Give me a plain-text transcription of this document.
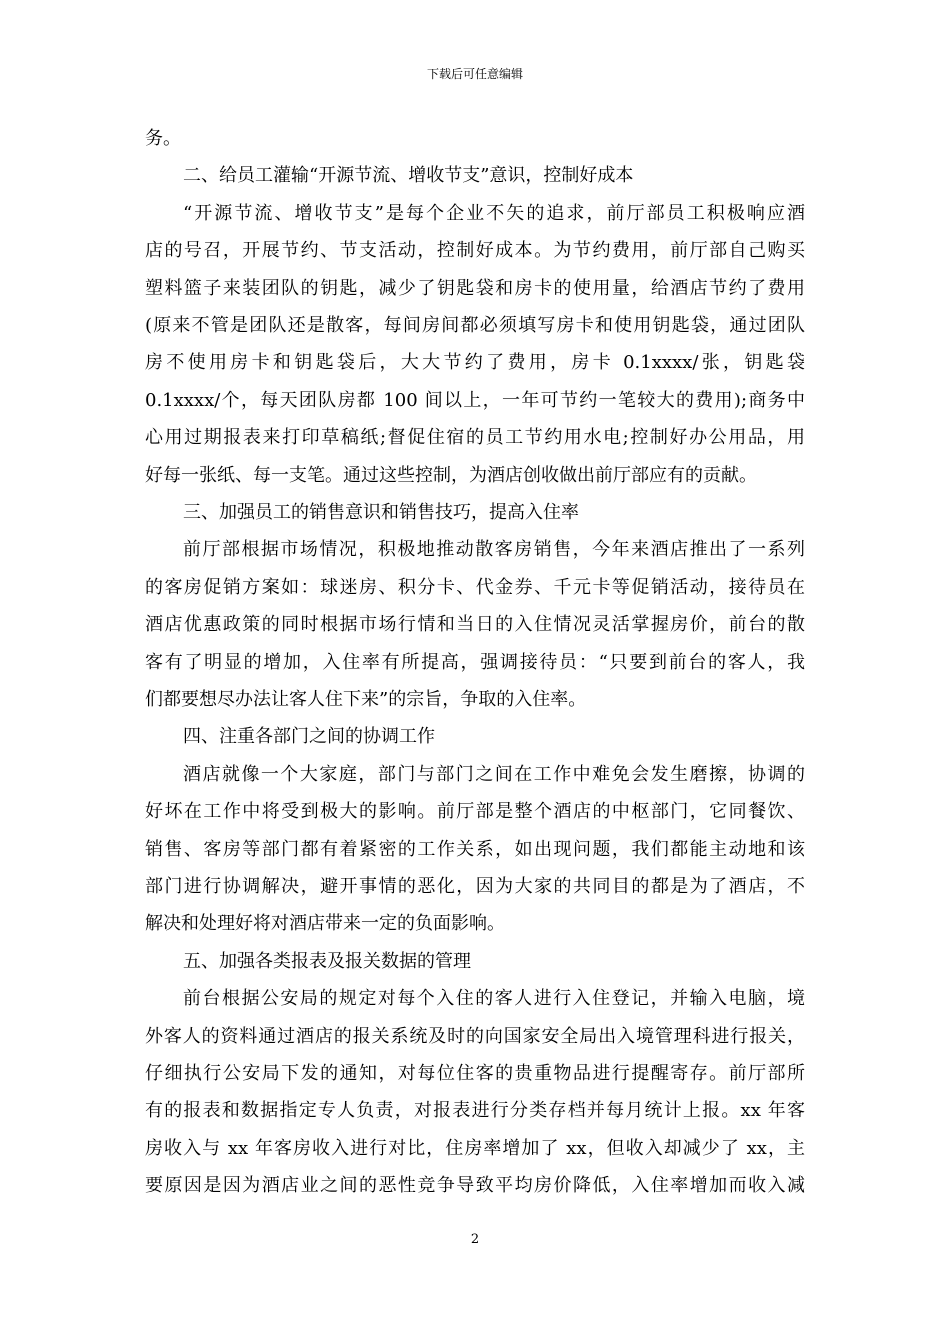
下载后可任意编辑
务。
二、给员工灌输“开源节流、增收节支”意识，控制好成本
“开源节流、增收节支”是每个企业不矢的追求，前厅部员工积极响应酒
店的号召，开展节约、节支活动，控制好成本。为节约费用，前厅部自己购买
塑料篮子来装团队的钥匙，减少了钥匙袋和房卡的使用量，给酒店节约了费用
(原来不管是团队还是散客，每间房间都必须填写房卡和使用钥匙袋，通过团队
房不使用房卡和钥匙袋后，大大节约了费用，房卡 0.1xxxx/张，钥匙袋
0.1xxxx/个，每天团队房都 100 间以上，一年可节约一笔较大的费用);商务中
心用过期报表来打印草稿纸;督促住宿的员工节约用水电;控制好办公用品，用
好每一张纸、每一支笔。通过这些控制，为酒店创收做出前厅部应有的贡献。
三、加强员工的销售意识和销售技巧，提高入住率
前厅部根据市场情况，积极地推动散客房销售，今年来酒店推出了一系列
的客房促销方案如：球迷房、积分卡、代金券、千元卡等促销活动，接待员在
酒店优惠政策的同时根据市场行情和当日的入住情况灵活掌握房价，前台的散
客有了明显的增加，入住率有所提高，强调接待员：“只要到前台的客人，我
们都要想尽办法让客人住下来”的宗旨，争取的入住率。
四、注重各部门之间的协调工作
酒店就像一个大家庭，部门与部门之间在工作中难免会发生磨擦，协调的
好坏在工作中将受到极大的影响。前厅部是整个酒店的中枢部门，它同餐饮、
销售、客房等部门都有着紧密的工作关系，如出现问题，我们都能主动地和该
部门进行协调解决，避开事情的恶化，因为大家的共同目的都是为了酒店，不
解决和处理好将对酒店带来一定的负面影响。
五、加强各类报表及报关数据的管理
前台根据公安局的规定对每个入住的客人进行入住登记，并输入电脑，境
外客人的资料通过酒店的报关系统及时的向国家安全局出入境管理科进行报关，
仔细执行公安局下发的通知，对每位住客的贵重物品进行提醒寄存。前厅部所
有的报表和数据指定专人负责，对报表进行分类存档并每月统计上报。xx 年客
房收入与 xx 年客房收入进行对比，住房率增加了 xx，但收入却减少了 xx，主
要原因是因为酒店业之间的恶性竞争导致平均房价降低，入住率增加而收入减
2
